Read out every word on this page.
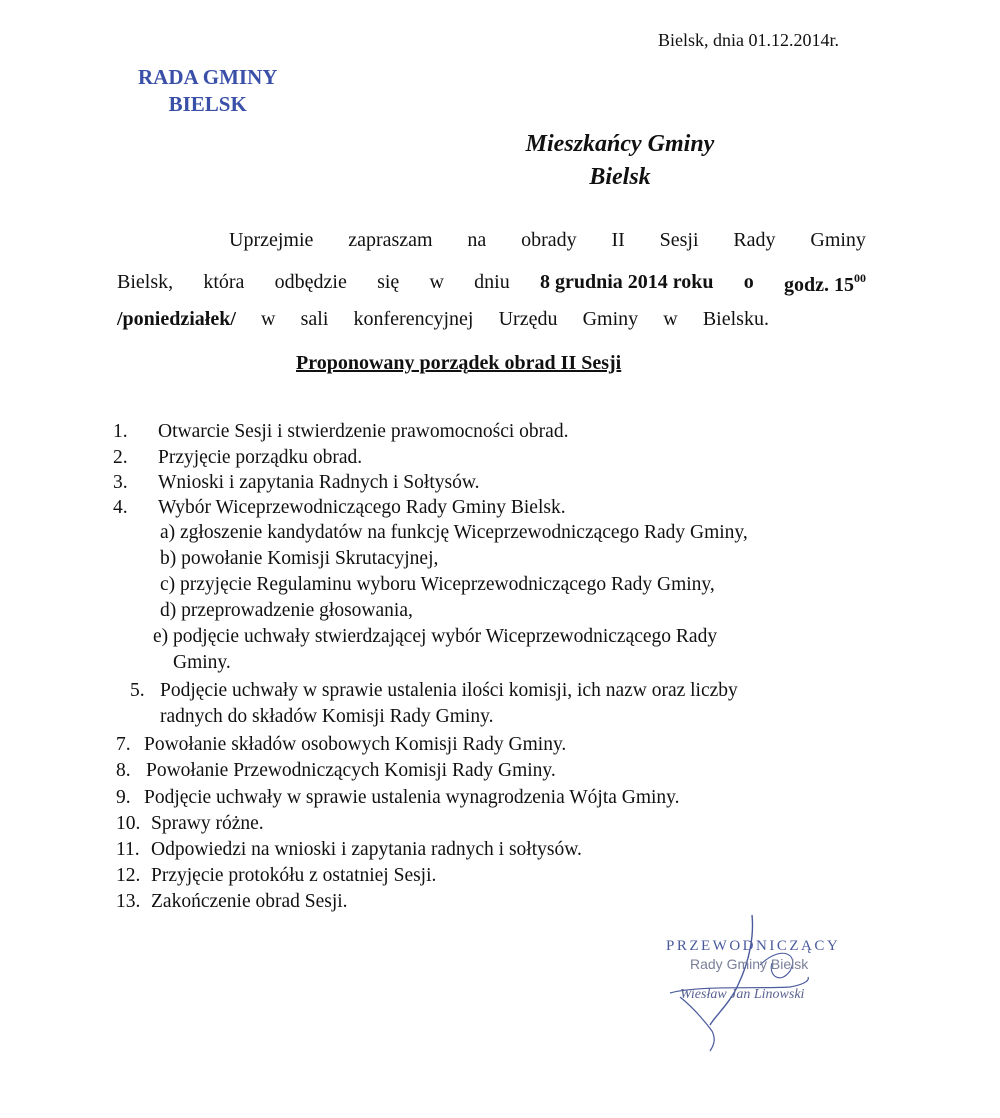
Bielsk, dnia 01.12.2014r.
RADA GMINY
BIELSK
Mieszkańcy Gminy
Bielsk
Uprzejmie zapraszam na obrady II Sesji Rady Gminy
Bielsk, która odbędzie się w dniu 8 grudnia 2014 roku o godz. $15^{00}$
/poniedziałek/ w sali konferencyjnej Urzędu Gminy w Bielsku.
Proponowany porządek obrad II Sesji
1. Otwarcie Sesji i stwierdzenie prawomocności obrad.
2. Przyjęcie porządku obrad.
3. Wnioski i zapytania Radnych i Sołtysów.
4. Wybór Wiceprzewodniczącego Rady Gminy Bielsk.
a) zgłoszenie kandydatów na funkcję Wiceprzewodniczącego Rady Gminy,
b) powołanie Komisji Skrutacyjnej,
c) przyjęcie Regulaminu wyboru Wiceprzewodniczącego Rady Gminy,
d) przeprowadzenie głosowania,
e) podjęcie uchwały stwierdzającej wybór Wiceprzewodniczącego Rady
Gminy.
5. Podjęcie uchwały w sprawie ustalenia ilości komisji, ich nazw oraz liczby
radnych do składów Komisji Rady Gminy.
7. Powołanie składów osobowych Komisji Rady Gminy.
8. Powołanie Przewodniczących Komisji Rady Gminy.
9. Podjęcie uchwały w sprawie ustalenia wynagrodzenia Wójta Gminy.
10. Sprawy różne.
11. Odpowiedzi na wnioski i zapytania radnych i sołtysów.
12. Przyjęcie protokółu z ostatniej Sesji.
13. Zakończenie obrad Sesji.
PRZEWODNICZĄCY
Rady Gminy Bielsk
Wiesław Jan Linowski
